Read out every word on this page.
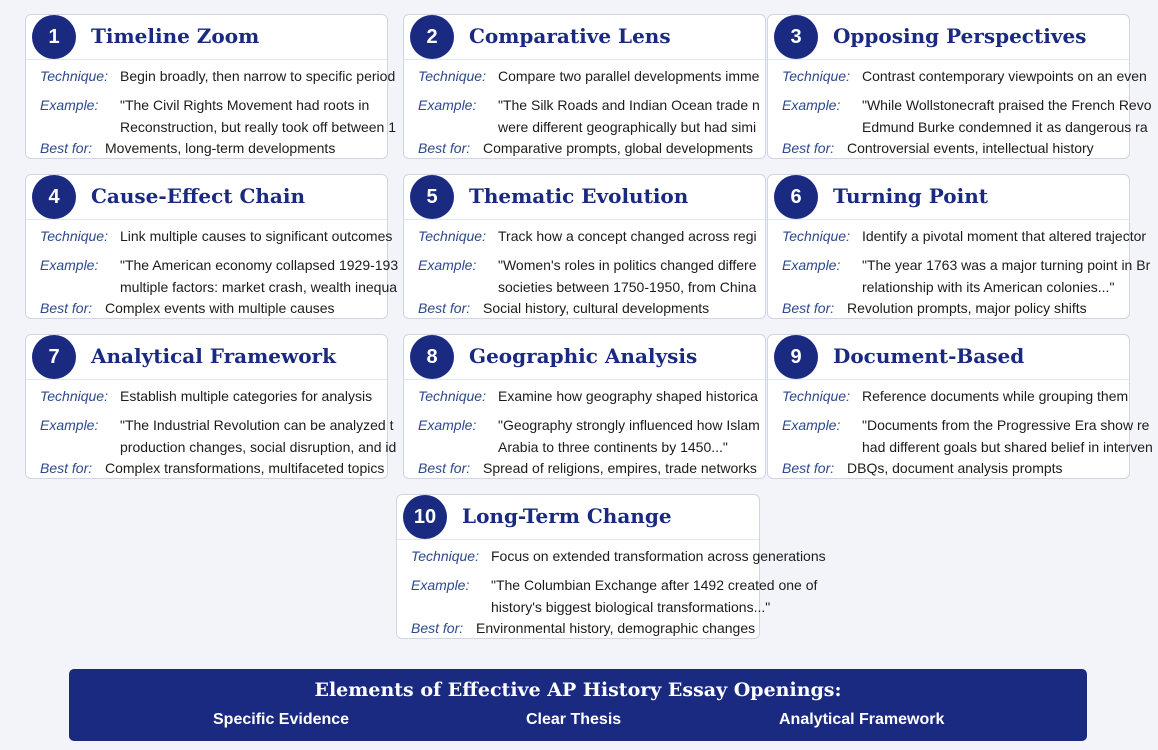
1	Timeline Zoom
Technique: Begin broadly, then narrow to specific period
Example: "The Civil Rights Movement had roots in
Reconstruction, but really took off between 1
Best for: Movements, long-term developments
2	Comparative Lens
Technique: Compare two parallel developments imme
Example: "The Silk Roads and Indian Ocean trade n
were different geographically but had simi
Best for: Comparative prompts, global developments
3	Opposing Perspectives
Technique: Contrast contemporary viewpoints on an even
Example: "While Wollstonecraft praised the French Revo
Edmund Burke condemned it as dangerous ra
Best for: Controversial events, intellectual history
4	Cause-Effect Chain
Technique: Link multiple causes to significant outcomes
Example: "The American economy collapsed 1929-193
multiple factors: market crash, wealth inequa
Best for: Complex events with multiple causes
5	Thematic Evolution
Technique: Track how a concept changed across regi
Example: "Women's roles in politics changed differe
societies between 1750-1950, from China
Best for: Social history, cultural developments
6	Turning Point
Technique: Identify a pivotal moment that altered trajector
Example: "The year 1763 was a major turning point in Br
relationship with its American colonies..."
Best for: Revolution prompts, major policy shifts
7	Analytical Framework
Technique: Establish multiple categories for analysis
Example: "The Industrial Revolution can be analyzed t
production changes, social disruption, and id
Best for: Complex transformations, multifaceted topics
8	Geographic Analysis
Technique: Examine how geography shaped historica
Example: "Geography strongly influenced how Islam
Arabia to three continents by 1450..."
Best for: Spread of religions, empires, trade networks
9	Document-Based
Technique: Reference documents while grouping them
Example: "Documents from the Progressive Era show re
had different goals but shared belief in interven
Best for: DBQs, document analysis prompts
10	Long-Term Change
Technique: Focus on extended transformation across generations
Example: "The Columbian Exchange after 1492 created one of
history's biggest biological transformations..."
Best for: Environmental history, demographic changes
Elements of Effective AP History Essay Openings:
Specific Evidence	Clear Thesis	Analytical Framework
